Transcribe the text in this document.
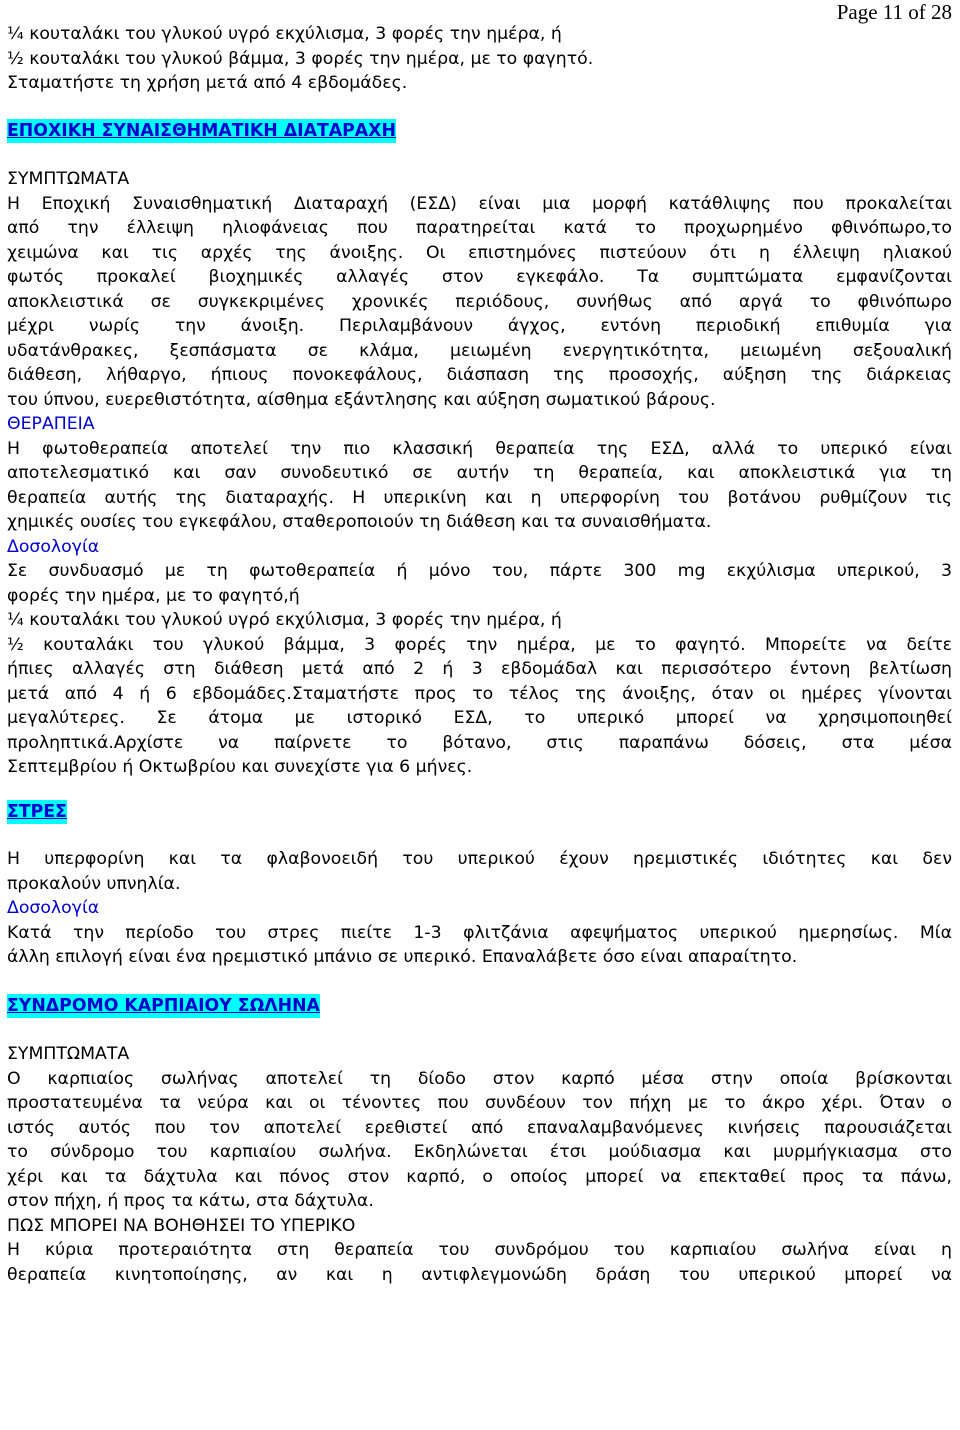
Page 11 of 28

¼ κουταλάκι του γλυκού υγρό εκχύλισμα, 3 φορές την ημέρα, ή

½ κουταλάκι του γλυκού βάμμα, 3 φορές την ημέρα, με το φαγητό.

Σταματήστε τη χρήση μετά από 4 εβδομάδες.

ΕΠΟΧΙΚΗ ΣΥΝΑΙΣΘΗΜΑΤΙΚΗ ΔΙΑΤΑΡΑΧΗ

ΣΥΜΠΤΩΜΑΤΑ

Η Εποχική Συναισθηματική Διαταραχή (ΕΣΔ) είναι μια μορφή κατάθλιψης που προκαλείται

από την έλλειψη ηλιοφάνειας που παρατηρείται κατά το προχωρημένο φθινόπωρο,το

χειμώνα και τις αρχές της άνοιξης. Οι επιστημόνες πιστεύουν ότι η έλλειψη ηλιακού

φωτός προκαλεί βιοχημικές αλλαγές στον εγκεφάλο. Τα συμπτώματα εμφανίζονται

αποκλειστικά σε συγκεκριμένες χρονικές περιόδους, συνήθως από αργά το φθινόπωρο

μέχρι νωρίς την άνοιξη. Περιλαμβάνουν άγχος, εντόνη περιοδική επιθυμία για

υδατάνθρακες, ξεσπάσματα σε κλάμα, μειωμένη ενεργητικότητα, μειωμένη σεξουαλική

διάθεση, λήθαργο, ήπιους πονοκεφάλους, διάσπαση της προσοχής, αύξηση της διάρκειας

του ύπνου, ευερεθιστότητα, αίσθημα εξάντλησης και αύξηση σωματικού βάρους.

ΘΕΡΑΠΕΙΑ

Η φωτοθεραπεία αποτελεί την πιο κλασσική θεραπεία της ΕΣΔ, αλλά το υπερικό είναι

αποτελεσματικό και σαν συνοδευτικό σε αυτήν τη θεραπεία, και αποκλειστικά για τη

θεραπεία αυτής της διαταραχής. Η υπερικίνη και η υπερφορίνη του βοτάνου ρυθμίζουν τις

χημικές ουσίες του εγκεφάλου, σταθεροποιούν τη διάθεση και τα συναισθήματα.

Δοσολογία

Σε συνδυασμό με τη φωτοθεραπεία ή μόνο του, πάρτε 300 mg εκχύλισμα υπερικού, 3

φορές την ημέρα, με το φαγητό,ή

¼ κουταλάκι του γλυκού υγρό εκχύλισμα, 3 φορές την ημέρα, ή

½ κουταλάκι του γλυκού βάμμα, 3 φορές την ημέρα, με το φαγητό. Μπορείτε να δείτε

ήπιες αλλαγές στη διάθεση μετά από 2 ή 3 εβδομάδαλ και περισσότερο έντονη βελτίωση

μετά από 4 ή 6 εβδομάδες.Σταματήστε προς το τέλος της άνοιξης, όταν οι ημέρες γίνονται

μεγαλύτερες. Σε άτομα με ιστορικό ΕΣΔ, το υπερικό μπορεί να χρησιμοποιηθεί

προληπτικά.Αρχίστε να παίρνετε το βότανο, στις παραπάνω δόσεις, στα μέσα

Σεπτεμβρίου ή Οκτωβρίου και συνεχίστε για 6 μήνες.

ΣΤΡΕΣ

Η υπερφορίνη και τα φλαβονοειδή του υπερικού έχουν ηρεμιστικές ιδιότητες και δεν

προκαλούν υπνηλία.

Δοσολογία

Κατά την περίοδο του στρες πιείτε 1-3 φλιτζάνια αφεψήματος υπερικού ημερησίως. Μία

άλλη επιλογή είναι ένα ηρεμιστικό μπάνιο σε υπερικό. Επαναλάβετε όσο είναι απαραίτητο.

ΣΥΝΔΡΟΜΟ ΚΑΡΠΙΑΙΟΥ ΣΩΛΗΝΑ

ΣΥΜΠΤΩΜΑΤΑ

Ο καρπιαίος σωλήνας αποτελεί τη δίοδο στον καρπό μέσα στην οποία βρίσκονται

προστατευμένα τα νεύρα και οι τένοντες που συνδέουν τον πήχη με το άκρο χέρι. Όταν ο

ιστός αυτός που τον αποτελεί ερεθιστεί από επαναλαμβανόμενες κινήσεις παρουσιάζεται

το σύνδρομο του καρπιαίου σωλήνα. Εκδηλώνεται έτσι μούδιασμα και μυρμήγκιασμα στο

χέρι και τα δάχτυλα και πόνος στον καρπό, ο οποίος μπορεί να επεκταθεί προς τα πάνω,

στον πήχη, ή προς τα κάτω, στα δάχτυλα.

ΠΩΣ ΜΠΟΡΕΙ ΝΑ ΒΟΗΘΗΣΕΙ ΤΟ ΥΠΕΡΙΚΟ

Η κύρια προτεραιότητα στη θεραπεία του συνδρόμου του καρπιαίου σωλήνα είναι η

θεραπεία κινητοποίησης, αν και η αντιφλεγμονώδη δράση του υπερικού μπορεί να
